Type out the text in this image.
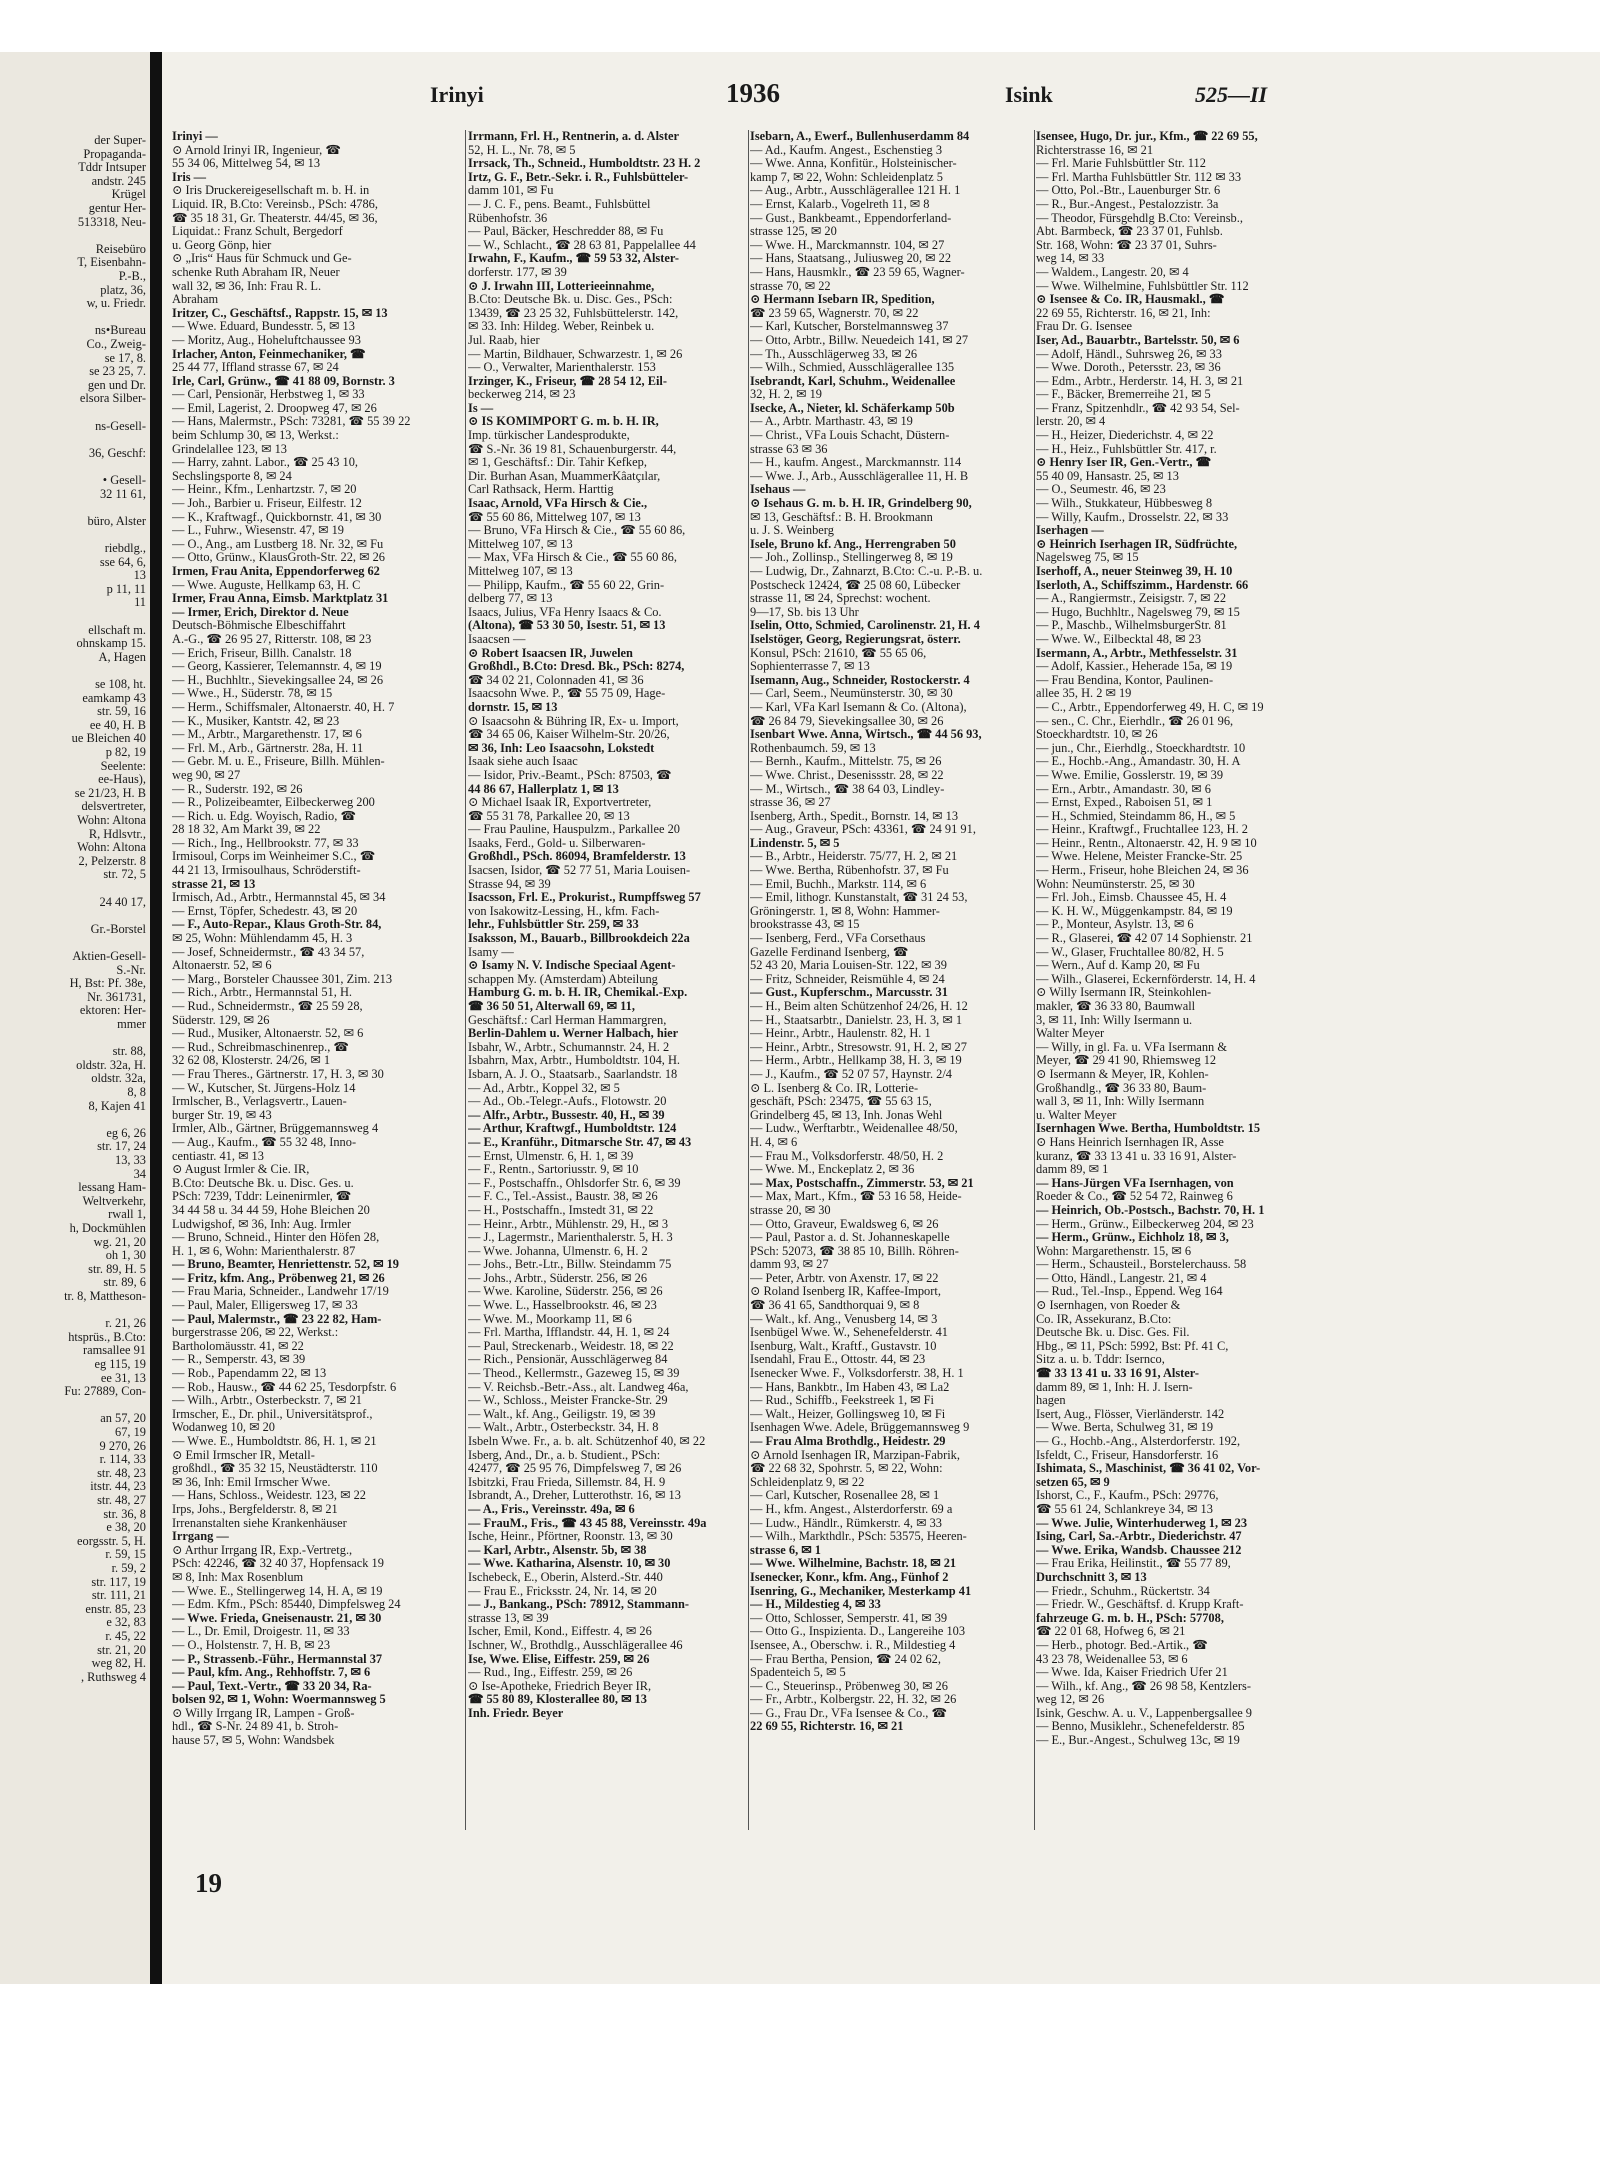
der Super-
Propaganda-
Tddr Intsuper
andstr. 245
Krügel
gentur Her-
513318, Neu-
Reisebüro
T, Eisenbahn-
P.-B.,
platz, 36,
w, u. Friedr.
ns•Bureau
Co., Zweig-
se 17, 8.
se 23 25, 7.
gen und Dr.
elsora Silber-
ns-Gesell-
36, Geschf:
• Gesell-
32 11 61,
büro, Alster
riebdlg.,
sse 64, 6,
13
p 11, 11
11
ellschaft m.
ohnskamp 15.
A, Hagen
se 108, ht.
eamkamp 43
str. 59, 16
ee 40, H. B
ue Bleichen 40
p 82, 19
Seelente:
ee-Haus),
se 21/23, H. B
delsvertreter,
Wohn: Altona
R, Hdlsvtr.,
Wohn: Altona
2, Pelzerstr. 8
str. 72, 5
24 40 17,
Gr.-Borstel
Aktien-Gesell-
S.-Nr.
H, Bst: Pf. 38e,
Nr. 361731,
ektoren: Her-
mmer
str. 88,
oldstr. 32a, H.
oldstr. 32a,
8, 8
8, Kajen 41
eg 6, 26
str. 17, 24
13, 33
34
lessang Ham-
Weltverkehr,
rwall 1,
h, Dockmühlen
wg. 21, 20
oh 1, 30
str. 89, H. 5
str. 89, 6
tr. 8, Mattheson-
r. 21, 26
htsprüs., B.Cto:
ramsallee 91
eg 115, 19
ee 31, 13
Fu: 27889, Con-
an 57, 20
67, 19
9 270, 26
r. 114, 33
str. 48, 23
itstr. 44, 23
str. 48, 27
str. 36, 8
e 38, 20
eorgsstr. 5, H.
r. 59, 15
r. 59, 2
str. 117, 19
str. 111, 21
enstr. 85, 23
e 32, 83
r. 45, 22
str. 21, 20
weg 82, H.
, Ruthsweg 4
Irinyi	1936	Isink	525—II
Irinyi —
⊙ Arnold Irinyi IR, Ingenieur, ☎
55 34 06, Mittelweg 54, ✉ 13
Iris —
⊙ Iris Druckereigesellschaft m. b. H. in
Liquid. IR, B.Cto: Vereinsb., PSch: 4786,
☎ 35 18 31, Gr. Theaterstr. 44/45, ✉ 36,
Liquidat.: Franz Schult, Bergedorf
u. Georg Gönp, hier
⊙ „Iris“ Haus für Schmuck und Ge-
schenke Ruth Abraham IR, Neuer
wall 32, ✉ 36, Inh: Frau R. L.
Abraham
Iritzer, C., Geschäftsf., Rappstr. 15, ✉ 13
— Wwe. Eduard, Bundesstr. 5, ✉ 13
— Moritz, Aug., Hoheluftchaussee 93
Irlacher, Anton, Feinmechaniker, ☎
25 44 77, Iffland strasse 67, ✉ 24
Irle, Carl, Grünw., ☎ 41 88 09, Bornstr. 3
— Carl, Pensionär, Herbstweg 1, ✉ 33
— Emil, Lagerist, 2. Droopweg 47, ✉ 26
— Hans, Malermstr., PSch: 73281, ☎ 55 39 22
beim Schlump 30, ✉ 13, Werkst.:
Grindelallee 123, ✉ 13
— Harry, zahnt. Labor., ☎ 25 43 10,
Sechslingsporte 8, ✉ 24
— Heinr., Kfm., Lenhartzstr. 7, ✉ 20
— Joh., Barbier u. Friseur, Eilfestr. 12
— K., Kraftwagf., Quickbornstr. 41, ✉ 30
— L., Fuhrw., Wiesenstr. 47, ✉ 19
— O., Ang., am Lustberg 18. Nr. 32, ✉ Fu
— Otto, Grünw., KlausGroth-Str. 22, ✉ 26
Irmen, Frau Anita, Eppendorferweg 62
— Wwe. Auguste, Hellkamp 63, H. C
Irmer, Frau Anna, Eimsb. Marktplatz 31
— Irmer, Erich, Direktor d. Neue
Deutsch-Böhmische Elbeschiffahrt
A.-G., ☎ 26 95 27, Ritterstr. 108, ✉ 23
— Erich, Friseur, Billh. Canalstr. 18
— Georg, Kassierer, Telemannstr. 4, ✉ 19
— H., Buchhltr., Sievekingsallee 24, ✉ 26
— Wwe., H., Süderstr. 78, ✉ 15
— Herm., Schiffsmaler, Altonaerstr. 40, H. 7
— K., Musiker, Kantstr. 42, ✉ 23
— M., Arbtr., Margarethenstr. 17, ✉ 6
— Frl. M., Arb., Gärtnerstr. 28a, H. 11
— Gebr. M. u. E., Friseure, Billh. Mühlen-
weg 90, ✉ 27
— R., Suderstr. 192, ✉ 26
— R., Polizeibeamter, Eilbeckerweg 200
— Rich. u. Edg. Woyisch, Radio, ☎
28 18 32, Am Markt 39, ✉ 22
— Rich., Ing., Hellbrookstr. 77, ✉ 33
Irmisoul, Corps im Weinheimer S.C., ☎
44 21 13, Irmisoulhaus, Schröderstift-
strasse 21, ✉ 13
Irmisch, Ad., Arbtr., Hermannstal 45, ✉ 34
— Ernst, Töpfer, Schedestr. 43, ✉ 20
— F., Auto-Repar., Klaus Groth-Str. 84,
✉ 25, Wohn: Mühlendamm 45, H. 3
— Josef, Schneidermstr., ☎ 43 34 57,
Altonaerstr. 52, ✉ 6
— Marg., Borsteler Chaussee 301, Zim. 213
— Rich., Arbtr., Hermannstal 51, H.
— Rud., Schneidermstr., ☎ 25 59 28,
Süderstr. 129, ✉ 26
— Rud., Musiker, Altonaerstr. 52, ✉ 6
— Rud., Schreibmaschinenrep., ☎
32 62 08, Klosterstr. 24/26, ✉ 1
— Frau Theres., Gärtnerstr. 17, H. 3, ✉ 30
— W., Kutscher, St. Jürgens-Holz 14
Irmlscher, B., Verlagsvertr., Lauen-
burger Str. 19, ✉ 43
Irmler, Alb., Gärtner, Brüggemannsweg 4
— Aug., Kaufm., ☎ 55 32 48, Inno-
centiastr. 41, ✉ 13
⊙ August Irmler & Cie. IR,
B.Cto: Deutsche Bk. u. Disc. Ges. u.
PSch: 7239, Tddr: Leinenirmler, ☎
34 44 58 u. 34 44 59, Hohe Bleichen 20
Ludwigshof, ✉ 36, Inh: Aug. Irmler
— Bruno, Schneid., Hinter den Höfen 28,
H. 1, ✉ 6, Wohn: Marienthalerstr. 87
— Bruno, Beamter, Henriettenstr. 52, ✉ 19
— Fritz, kfm. Ang., Pröbenweg 21, ✉ 26
— Frau Maria, Schneider., Landwehr 17/19
— Paul, Maler, Elligersweg 17, ✉ 33
— Paul, Malermstr., ☎ 23 22 82, Ham-
burgerstrasse 206, ✉ 22, Werkst.:
Bartholomäusstr. 41, ✉ 22
— R., Semperstr. 43, ✉ 39
— Rob., Papendamm 22, ✉ 13
— Rob., Hausw., ☎ 44 62 25, Tesdorpfstr. 6
— Wilh., Arbtr., Osterbeckstr. 7, ✉ 21
Irmscher, E., Dr. phil., Universitätsprof.,
Wodanweg 10, ✉ 20
— Wwe. E., Humboldtstr. 86, H. 1, ✉ 21
⊙ Emil Irmscher IR, Metall-
großhdl., ☎ 35 32 15, Neustädterstr. 110
✉ 36, Inh: Emil Irmscher Wwe.
— Hans, Schloss., Weidestr. 123, ✉ 22
Irps, Johs., Bergfelderstr. 8, ✉ 21
Irrenanstalten siehe Krankenhäuser
Irrgang —
⊙ Arthur Irrgang IR, Exp.-Vertretg.,
PSch: 42246, ☎ 32 40 37, Hopfensack 19
✉ 8, Inh: Max Rosenblum
— Wwe. E., Stellingerweg 14, H. A, ✉ 19
— Edm. Kfm., PSch: 85440, Dimpfelsweg 24
— Wwe. Frieda, Gneisenaustr. 21, ✉ 30
— L., Dr. Emil, Droigestr. 11, ✉ 33
— O., Holstenstr. 7, H. B, ✉ 23
— P., Strassenb.-Führ., Hermannstal 37
— Paul, kfm. Ang., Rehhoffstr. 7, ✉ 6
— Paul, Text.-Vertr., ☎ 33 20 34, Ra-
bolsen 92, ✉ 1, Wohn: Woermannsweg 5
⊙ Willy Irrgang IR, Lampen - Groß-
hdl., ☎ S-Nr. 24 89 41, b. Stroh-
hause 57, ✉ 5, Wohn: Wandsbek
Irrmann, Frl. H., Rentnerin, a. d. Alster
52, H. L., Nr. 78, ✉ 5
Irrsack, Th., Schneid., Humboldtstr. 23 H. 2
Irtz, G. F., Betr.-Sekr. i. R., Fuhlsbütteler-
damm 101, ✉ Fu
— J. C. F., pens. Beamt., Fuhlsbüttel
Rübenhofstr. 36
— Paul, Bäcker, Heschredder 88, ✉ Fu
— W., Schlacht., ☎ 28 63 81, Pappelallee 44
Irwahn, F., Kaufm., ☎ 59 53 32, Alster-
dorferstr. 177, ✉ 39
⊙ J. Irwahn III, Lotterieeinnahme,
B.Cto: Deutsche Bk. u. Disc. Ges., PSch:
13439, ☎ 23 25 32, Fuhlsbüttelerstr. 142,
✉ 33. Inh: Hildeg. Weber, Reinbek u.
Jul. Raab, hier
— Martin, Bildhauer, Schwarzestr. 1, ✉ 26
— O., Verwalter, Marienthalerstr. 153
Irzinger, K., Friseur, ☎ 28 54 12, Eil-
beckerweg 214, ✉ 23
Is —
⊙ IS KOMIMPORT G. m. b. H. IR,
Imp. türkischer Landesprodukte,
☎ S.-Nr. 36 19 81, Schauenburgerstr. 44,
✉ 1, Geschäftsf.: Dir. Tahir Kefkep,
Dir. Burhan Asan, MuammerKâatçılar,
Carl Rathsack, Herm. Harttig
Isaac, Arnold, VFa Hirsch & Cie.,
☎ 55 60 86, Mittelweg 107, ✉ 13
— Bruno, VFa Hirsch & Cie., ☎ 55 60 86,
Mittelweg 107, ✉ 13
— Max, VFa Hirsch & Cie., ☎ 55 60 86,
Mittelweg 107, ✉ 13
— Philipp, Kaufm., ☎ 55 60 22, Grin-
delberg 77, ✉ 13
Isaacs, Julius, VFa Henry Isaacs & Co.
(Altona), ☎ 53 30 50, Isestr. 51, ✉ 13
Isaacsen —
⊙ Robert Isaacsen IR, Juwelen
Großhdl., B.Cto: Dresd. Bk., PSch: 8274,
☎ 34 02 21, Colonnaden 41, ✉ 36
Isaacsohn Wwe. P., ☎ 55 75 09, Hage-
dornstr. 15, ✉ 13
⊙ Isaacsohn & Bühring IR, Ex- u. Import,
☎ 34 65 06, Kaiser Wilhelm-Str. 20/26,
✉ 36, Inh: Leo Isaacsohn, Lokstedt
Isaak siehe auch Isaac
— Isidor, Priv.-Beamt., PSch: 87503, ☎
44 86 67, Hallerplatz 1, ✉ 13
⊙ Michael Isaak IR, Exportvertreter,
☎ 55 31 78, Parkallee 20, ✉ 13
— Frau Pauline, Hauspulzm., Parkallee 20
Isaaks, Ferd., Gold- u. Silberwaren-
Großhdl., PSch. 86094, Bramfelderstr. 13
Isacsen, Isidor, ☎ 52 77 51, Maria Louisen-
Strasse 94, ✉ 39
Isacsson, Frl. E., Prokurist., Rumpffsweg 57
von Isakowitz-Lessing, H., kfm. Fach-
lehr., Fuhlsbüttler Str. 259, ✉ 33
Isaksson, M., Bauarb., Billbrookdeich 22a
Isamy —
⊙ Isamy N. V. Indische Speciaal Agent-
schappen My. (Amsterdam) Abteilung
Hamburg G. m. b. H. IR, Chemikal.-Exp.
☎ 36 50 51, Alterwall 69, ✉ 11,
Geschäftsf.: Carl Herman Hammargren,
Berlin-Dahlem u. Werner Halbach, hier
Isbahr, W., Arbtr., Schumannstr. 24, H. 2
Isbahrn, Max, Arbtr., Humboldtstr. 104, H.
Isbarn, A. J. O., Staatsarb., Saarlandstr. 18
— Ad., Arbtr., Koppel 32, ✉ 5
— Ad., Ob.-Telegr.-Aufs., Flotowstr. 20
— Alfr., Arbtr., Bussestr. 40, H., ✉ 39
— Arthur, Kraftwgf., Humboldtstr. 124
— E., Kranführ., Ditmarsche Str. 47, ✉ 43
— Ernst, Ulmenstr. 6, H. 1, ✉ 39
— F., Rentn., Sartoriusstr. 9, ✉ 10
— F., Postschaffn., Ohlsdorfer Str. 6, ✉ 39
— F. C., Tel.-Assist., Baustr. 38, ✉ 26
— H., Postschaffn., Imstedt 31, ✉ 22
— Heinr., Arbtr., Mühlenstr. 29, H., ✉ 3
— J., Lagermstr., Marienthalerstr. 5, H. 3
— Wwe. Johanna, Ulmenstr. 6, H. 2
— Johs., Betr.-Ltr., Billw. Steindamm 75
— Johs., Arbtr., Süderstr. 256, ✉ 26
— Wwe. Karoline, Süderstr. 256, ✉ 26
— Wwe. L., Hasselbrookstr. 46, ✉ 23
— Wwe. M., Moorkamp 11, ✉ 6
— Frl. Martha, Ifflandstr. 44, H. 1, ✉ 24
— Paul, Streckenarb., Weidestr. 18, ✉ 22
— Rich., Pensionär, Ausschlägerweg 84
— Theod., Kellermstr., Gazeweg 15, ✉ 39
— V. Reichsb.-Betr.-Ass., alt. Landweg 46a,
— W., Schloss., Meister Francke-Str. 29
— Walt., kf. Ang., Geiligstr. 19, ✉ 39
— Walt., Arbtr., Osterbeckstr. 34, H. 8
Isbeln Wwe. Fr., a. b. alt. Schützenhof 40, ✉ 22
Isberg, And., Dr., a. b. Studient., PSch:
42477, ☎ 25 95 76, Dimpfelsweg 7, ✉ 26
Isbitzki, Frau Frieda, Sillemstr. 84, H. 9
Isbrandt, A., Dreher, Lutterothstr. 16, ✉ 13
— A., Fris., Vereinsstr. 49a, ✉ 6
— FrauM., Fris., ☎ 43 45 88, Vereinsstr. 49a
Ische, Heinr., Pförtner, Roonstr. 13, ✉ 30
— Karl, Arbtr., Alsenstr. 5b, ✉ 38
— Wwe. Katharina, Alsenstr. 10, ✉ 30
Ischebeck, E., Oberin, Alsterd.-Str. 440
— Frau E., Fricksstr. 24, Nr. 14, ✉ 20
— J., Bankang., PSch: 78912, Stammann-
strasse 13, ✉ 39
Ischer, Emil, Kond., Eiffestr. 4, ✉ 26
Ischner, W., Brothdlg., Ausschlägerallee 46
Ise, Wwe. Elise, Eiffestr. 259, ✉ 26
— Rud., Ing., Eiffestr. 259, ✉ 26
⊙ Ise-Apotheke, Friedrich Beyer IR,
☎ 55 80 89, Klosterallee 80, ✉ 13
Inh. Friedr. Beyer
Isebarn, A., Ewerf., Bullenhuserdamm 84
— Ad., Kaufm. Angest., Eschenstieg 3
— Wwe. Anna, Konfitür., Holsteinischer-
kamp 7, ✉ 22, Wohn: Schleidenplatz 5
— Aug., Arbtr., Ausschlägerallee 121 H. 1
— Ernst, Kalarb., Vogelreth 11, ✉ 8
— Gust., Bankbeamt., Eppendorferland-
strasse 125, ✉ 20
— Wwe. H., Marckmannstr. 104, ✉ 27
— Hans, Staatsang., Juliusweg 20, ✉ 22
— Hans, Hausmklr., ☎ 23 59 65, Wagner-
strasse 70, ✉ 22
⊙ Hermann Isebarn IR, Spedition,
☎ 23 59 65, Wagnerstr. 70, ✉ 22
— Karl, Kutscher, Borstelmannsweg 37
— Otto, Arbtr., Billw. Neuedeich 141, ✉ 27
— Th., Ausschlägerweg 33, ✉ 26
— Wilh., Schmied, Ausschlägerallee 135
Isebrandt, Karl, Schuhm., Weidenallee
32, H. 2, ✉ 19
Isecke, A., Nieter, kl. Schäferkamp 50b
— A., Arbtr. Marthastr. 43, ✉ 19
— Christ., VFa Louis Schacht, Düstern-
strasse 63 ✉ 36
— H., kaufm. Angest., Marckmannstr. 114
— Wwe. J., Arb., Ausschlägerallee 11, H. B
Isehaus —
⊙ Isehaus G. m. b. H. IR, Grindelberg 90,
✉ 13, Geschäftsf.: B. H. Brookmann
u. J. S. Weinberg
Isele, Bruno kf. Ang., Herrengraben 50
— Joh., Zollinsp., Stellingerweg 8, ✉ 19
— Ludwig, Dr., Zahnarzt, B.Cto: C.-u. P.-B. u.
Postscheck 12424, ☎ 25 08 60, Lübecker
strasse 11, ✉ 24, Sprechst: wochent.
9—17, Sb. bis 13 Uhr
Iselin, Otto, Schmied, Carolinenstr. 21, H. 4
Iselstöger, Georg, Regierungsrat, österr.
Konsul, PSch: 21610, ☎ 55 65 06,
Sophienterrasse 7, ✉ 13
Isemann, Aug., Schneider, Rostockerstr. 4
— Carl, Seem., Neumünsterstr. 30, ✉ 30
— Karl, VFa Karl Isemann & Co. (Altona),
☎ 26 84 79, Sievekingsallee 30, ✉ 26
Isenbart Wwe. Anna, Wirtsch., ☎ 44 56 93,
Rothenbaumch. 59, ✉ 13
— Bernh., Kaufm., Mittelstr. 75, ✉ 26
— Wwe. Christ., Desenissstr. 28, ✉ 22
— M., Wirtsch., ☎ 38 64 03, Lindley-
strasse 36, ✉ 27
Isenberg, Arth., Spedit., Bornstr. 14, ✉ 13
— Aug., Graveur, PSch: 43361, ☎ 24 91 91,
Lindenstr. 5, ✉ 5
— B., Arbtr., Heiderstr. 75/77, H. 2, ✉ 21
— Wwe. Bertha, Rübenhofstr. 37, ✉ Fu
— Emil, Buchh., Markstr. 114, ✉ 6
— Emil, lithogr. Kunstanstalt, ☎ 31 24 53,
Gröningerstr. 1, ✉ 8, Wohn: Hammer-
brookstrasse 43, ✉ 15
— Isenberg, Ferd., VFa Corsethaus
Gazelle Ferdinand Isenberg, ☎
52 43 20, Maria Louisen-Str. 122, ✉ 39
— Fritz, Schneider, Reismühle 4, ✉ 24
— Gust., Kupferschm., Marcusstr. 31
— H., Beim alten Schützenhof 24/26, H. 12
— H., Staatsarbtr., Danielstr. 23, H. 3, ✉ 1
— Heinr., Arbtr., Haulenstr. 82, H. 1
— Heinr., Arbtr., Stresowstr. 91, H. 2, ✉ 27
— Herm., Arbtr., Hellkamp 38, H. 3, ✉ 19
— J., Kaufm., ☎ 52 07 57, Haynstr. 2/4
⊙ L. Isenberg & Co. IR, Lotterie-
geschäft, PSch: 23475, ☎ 55 63 15,
Grindelberg 45, ✉ 13, Inh. Jonas Wehl
— Ludw., Werftarbtr., Weidenallee 48/50,
H. 4, ✉ 6
— Frau M., Volksdorferstr. 48/50, H. 2
— Wwe. M., Enckeplatz 2, ✉ 36
— Max, Postschaffn., Zimmerstr. 53, ✉ 21
— Max, Mart., Kfm., ☎ 53 16 58, Heide-
strasse 20, ✉ 30
— Otto, Graveur, Ewaldsweg 6, ✉ 26
— Paul, Pastor a. d. St. Johanneskapelle
PSch: 52073, ☎ 38 85 10, Billh. Röhren-
damm 93, ✉ 27
— Peter, Arbtr. von Axenstr. 17, ✉ 22
⊙ Roland Isenberg IR, Kaffee-Import,
☎ 36 41 65, Sandthorquai 9, ✉ 8
— Walt., kf. Ang., Venusberg 14, ✉ 3
Isenbügel Wwe. W., Sehenefelderstr. 41
Isenburg, Walt., Kraftf., Gustavstr. 10
Isendahl, Frau E., Ottostr. 44, ✉ 23
Isenecker Wwe. F., Volksdorferstr. 38, H. 1
— Hans, Bankbtr., Im Haben 43, ✉ La2
— Rud., Schiffb., Feekstreek 1, ✉ Fi
— Walt., Heizer, Gollingsweg 10, ✉ Fi
Isenhagen Wwe. Adele, Brüggemannsweg 9
— Frau Alma Brothdlg., Heidestr. 29
⊙ Arnold Isenhagen IR, Marzipan-Fabrik,
☎ 22 68 32, Spohrstr. 5, ✉ 22, Wohn:
Schleidenplatz 9, ✉ 22
— Carl, Kutscher, Rosenallee 28, ✉ 1
— H., kfm. Angest., Alsterdorferstr. 69 a
— Ludw., Händlr., Rümkerstr. 4, ✉ 33
— Wilh., Markthdlr., PSch: 53575, Heeren-
strasse 6, ✉ 1
— Wwe. Wilhelmine, Bachstr. 18, ✉ 21
Isenecker, Konr., kfm. Ang., Fünhof 2
Isenring, G., Mechaniker, Mesterkamp 41
— H., Mildestieg 4, ✉ 33
— Otto, Schlosser, Semperstr. 41, ✉ 39
— Otto G., Inspizienta. D., Langereihe 103
Isensee, A., Oberschw. i. R., Mildestieg 4
— Frau Bertha, Pension, ☎ 24 02 62,
Spadenteich 5, ✉ 5
— C., Steuerinsp., Pröbenweg 30, ✉ 26
— Fr., Arbtr., Kolbergstr. 22, H. 32, ✉ 26
— G., Frau Dr., VFa Isensee & Co., ☎
22 69 55, Richterstr. 16, ✉ 21
Isensee, Hugo, Dr. jur., Kfm., ☎ 22 69 55,
Richterstrasse 16, ✉ 21
— Frl. Marie Fuhlsbüttler Str. 112
— Frl. Martha Fuhlsbüttler Str. 112 ✉ 33
— Otto, Pol.-Btr., Lauenburger Str. 6
— R., Bur.-Angest., Pestalozzistr. 3a
— Theodor, Fürsgehdlg B.Cto: Vereinsb.,
Abt. Barmbeck, ☎ 23 37 01, Fuhlsb.
Str. 168, Wohn: ☎ 23 37 01, Suhrs-
weg 14, ✉ 33
— Waldem., Langestr. 20, ✉ 4
— Wwe. Wilhelmine, Fuhlsbüttler Str. 112
⊙ Isensee & Co. IR, Hausmakl., ☎
22 69 55, Richterstr. 16, ✉ 21, Inh:
Frau Dr. G. Isensee
Iser, Ad., Bauarbtr., Bartelsstr. 50, ✉ 6
— Adolf, Händl., Suhrsweg 26, ✉ 33
— Wwe. Doroth., Petersstr. 23, ✉ 36
— Edm., Arbtr., Herderstr. 14, H. 3, ✉ 21
— F., Bäcker, Bremerreihe 21, ✉ 5
— Franz, Spitzenhdlr., ☎ 42 93 54, Sel-
lerstr. 20, ✉ 4
— H., Heizer, Diederichstr. 4, ✉ 22
— H., Heiz., Fuhlsbüttler Str. 417, r.
⊙ Henry Iser IR, Gen.-Vertr., ☎
55 40 09, Hansastr. 25, ✉ 13
— O., Seumestr. 46, ✉ 23
— Wilh., Stukkateur, Hübbesweg 8
— Willy, Kaufm., Drosselstr. 22, ✉ 33
Iserhagen —
⊙ Heinrich Iserhagen IR, Südfrüchte,
Nagelsweg 75, ✉ 15
Iserhoff, A., neuer Steinweg 39, H. 10
Iserloth, A., Schiffszimm., Hardenstr. 66
— A., Rangiermstr., Zeisigstr. 7, ✉ 22
— Hugo, Buchhltr., Nagelsweg 79, ✉ 15
— P., Maschb., WilhelmsburgerStr. 81
— Wwe. W., Eilbecktal 48, ✉ 23
Isermann, A., Arbtr., Methfesselstr. 31
— Adolf, Kassier., Heherade 15a, ✉ 19
— Frau Bendina, Kontor, Paulinen-
allee 35, H. 2 ✉ 19
— C., Arbtr., Eppendorferweg 49, H. C, ✉ 19
— sen., C. Chr., Eierhdlr., ☎ 26 01 96,
Stoeckhardtstr. 10, ✉ 26
— jun., Chr., Eierhdlg., Stoeckhardtstr. 10
— E., Hochb.-Ang., Amandastr. 30, H. A
— Wwe. Emilie, Gosslerstr. 19, ✉ 39
— Ern., Arbtr., Amandastr. 30, ✉ 6
— Ernst, Exped., Raboisen 51, ✉ 1
— H., Schmied, Steindamm 86, H., ✉ 5
— Heinr., Kraftwgf., Fruchtallee 123, H. 2
— Heinr., Rentn., Altonaerstr. 42, H. 9 ✉ 10
— Wwe. Helene, Meister Francke-Str. 25
— Herm., Friseur, hohe Bleichen 24, ✉ 36
Wohn: Neumünsterstr. 25, ✉ 30
— Frl. Joh., Eimsb. Chaussee 45, H. 4
— K. H. W., Müggenkampstr. 84, ✉ 19
— P., Monteur, Asylstr. 13, ✉ 6
— R., Glaserei, ☎ 42 07 14 Sophienstr. 21
— W., Glaser, Fruchtallee 80/82, H. 5
— Wern., Auf d. Kamp 20, ✉ Fu
— Wilh., Glaserei, Eckernförderstr. 14, H. 4
⊙ Willy Isermann IR, Steinkohlen-
makler, ☎ 36 33 80, Baumwall
3, ✉ 11, Inh: Willy Isermann u.
Walter Meyer
— Willy, in gl. Fa. u. VFa Isermann &
Meyer, ☎ 29 41 90, Rhiemsweg 12
⊙ Isermann & Meyer, IR, Kohlen-
Großhandlg., ☎ 36 33 80, Baum-
wall 3, ✉ 11, Inh: Willy Isermann
u. Walter Meyer
Isernhagen Wwe. Bertha, Humboldtstr. 15
⊙ Hans Heinrich Isernhagen IR, Asse
kuranz, ☎ 33 13 41 u. 33 16 91, Alster-
damm 89, ✉ 1
— Hans-Jürgen VFa Isernhagen, von
Roeder & Co., ☎ 52 54 72, Rainweg 6
— Heinrich, Ob.-Postsch., Bachstr. 70, H. 1
— Herm., Grünw., Eilbeckerweg 204, ✉ 23
— Herm., Grünw., Eichholz 18, ✉ 3,
Wohn: Margarethenstr. 15, ✉ 6
— Herm., Schausteil., Borstelerchauss. 58
— Otto, Händl., Langestr. 21, ✉ 4
— Rud., Tel.-Insp., Eppend. Weg 164
⊙ Isernhagen, von Roeder &
Co. IR, Assekuranz, B.Cto:
Deutsche Bk. u. Disc. Ges. Fil.
Hbg., ✉ 11, PSch: 5992, Bst: Pf. 41 C,
Sitz a. u. b. Tddr: Isernco,
☎ 33 13 41 u. 33 16 91, Alster-
damm 89, ✉ 1, Inh: H. J. Isern-
hagen
Isert, Aug., Flösser, Vierländerstr. 142
— Wwe. Berta, Schulweg 31, ✉ 19
— G., Hochb.-Ang., Alsterdorferstr. 192,
Isfeldt, C., Friseur, Hansdorferstr. 16
Ishimata, S., Maschinist, ☎ 36 41 02, Vor-
setzen 65, ✉ 9
Ishorst, C., F., Kaufm., PSch: 29776,
☎ 55 61 24, Schlankreye 34, ✉ 13
— Wwe. Julie, Winterhuderweg 1, ✉ 23
Ising, Carl, Sa.-Arbtr., Diederichstr. 47
— Wwe. Erika, Wandsb. Chaussee 212
— Frau Erika, Heilinstit., ☎ 55 77 89,
Durchschnitt 3, ✉ 13
— Friedr., Schuhm., Rückertstr. 34
— Friedr. W., Geschäftsf. d. Krupp Kraft-
fahrzeuge G. m. b. H., PSch: 57708,
☎ 22 01 68, Hofweg 6, ✉ 21
— Herb., photogr. Bed.-Artik., ☎
43 23 78, Weidenallee 53, ✉ 6
— Wwe. Ida, Kaiser Friedrich Ufer 21
— Wilh., kf. Ang., ☎ 26 98 58, Kentzlers-
weg 12, ✉ 26
Isink, Geschw. A. u. V., Lappenbergsallee 9
— Benno, Musiklehr., Schenefelderstr. 85
— E., Bur.-Angest., Schulweg 13c, ✉ 19
19
